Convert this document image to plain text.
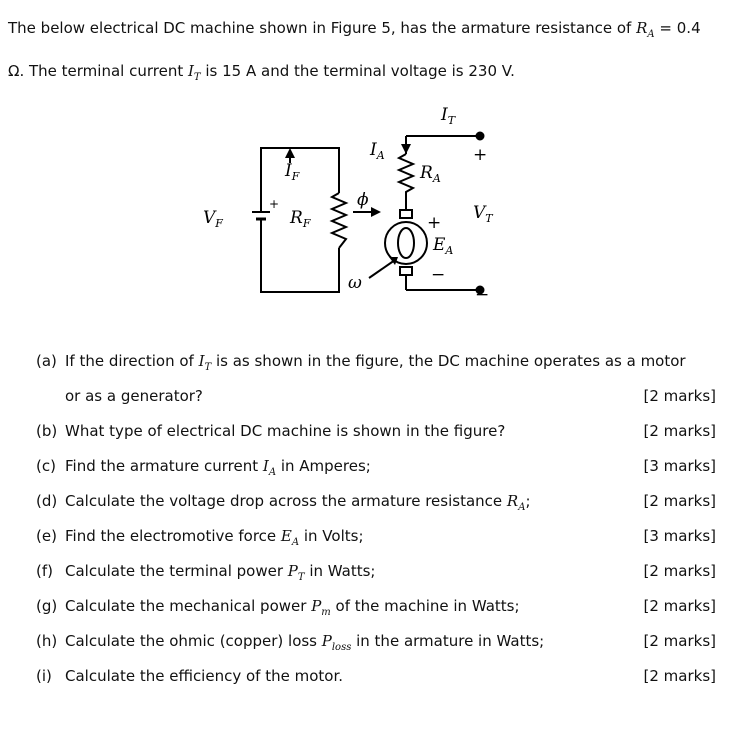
The below electrical DC machine shown in Figure 5, has the armature resistance of $R_A = 0.4$
Ω. The terminal current $I_T$ is 15 A and the terminal voltage is 230 V.
$I_T$
$I_A$
$I_F$	$R_A$
$V_F$	$R_F$
$V_T$
$E_A$
ϕ
ω
+
−
+
−
+
(a) If the direction of $I_T$ is as shown in the figure, the DC machine operates as a motor
or as a generator?	[2 marks]
(b) What type of electrical DC machine is shown in the figure?	[2 marks]
(c) Find the armature current $I_A$ in Amperes;	[3 marks]
(d) Calculate the voltage drop across the armature resistance $R_A$;	[2 marks]
(e) Find the electromotive force $E_A$ in Volts;	[3 marks]
(f) Calculate the terminal power $P_T$ in Watts;	[2 marks]
(g) Calculate the mechanical power $P_m$ of the machine in Watts;	[2 marks]
(h) Calculate the ohmic (copper) loss $P_{loss}$ in the armature in Watts;	[2 marks]
(i) Calculate the efficiency of the motor.	[2 marks]
